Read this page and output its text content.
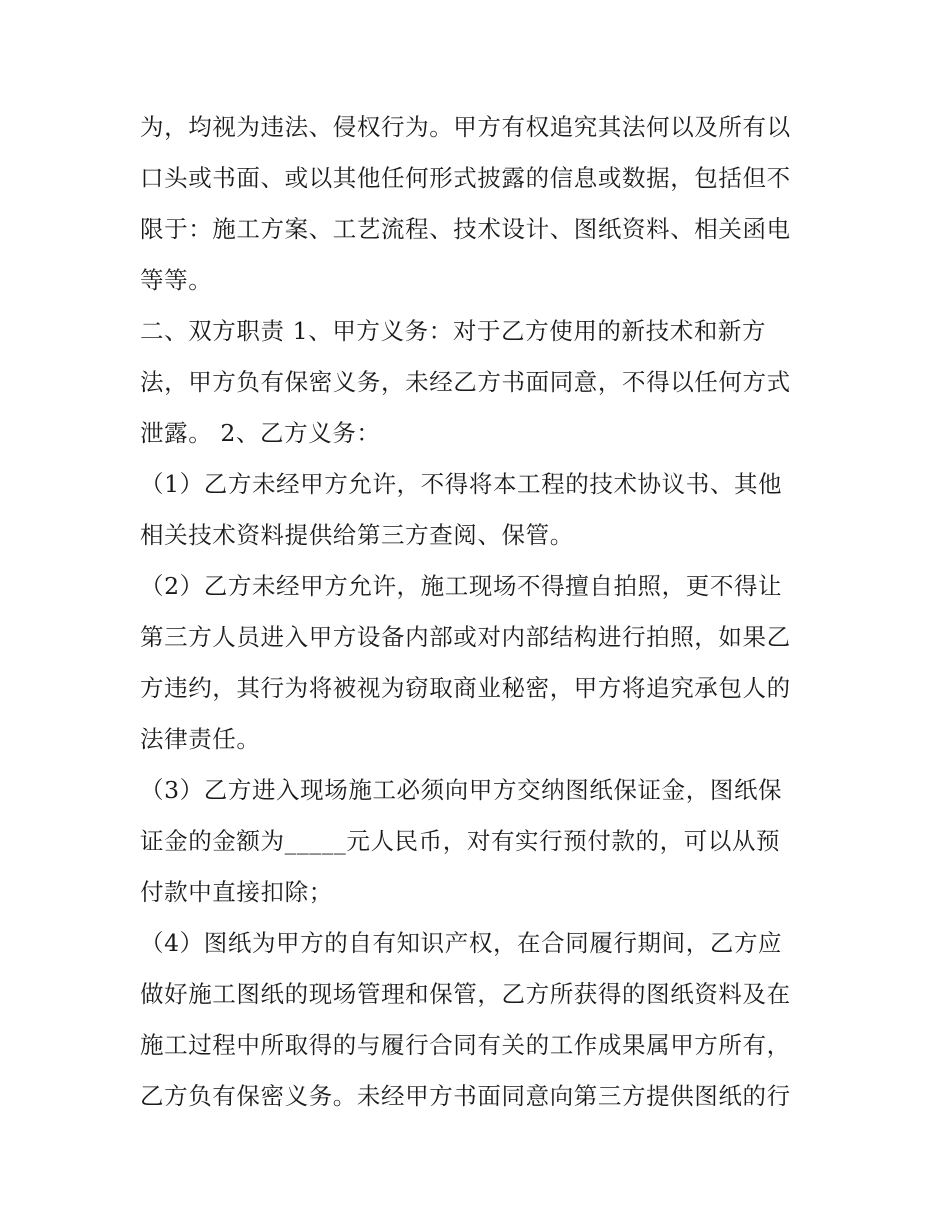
为，均视为违法、侵权行为。甲方有权追究其法何以及所有以
口头或书面、或以其他任何形式披露的信息或数据，包括但不
限于：施工方案、工艺流程、技术设计、图纸资料、相关函电
等等。
二、双方职责 1、甲方义务：对于乙方使用的新技术和新方
法，甲方负有保密义务，未经乙方书面同意，不得以任何方式
泄露。 2、乙方义务：
（1）乙方未经甲方允许，不得将本工程的技术协议书、其他
相关技术资料提供给第三方查阅、保管。
（2）乙方未经甲方允许，施工现场不得擅自拍照，更不得让
第三方人员进入甲方设备内部或对内部结构进行拍照，如果乙
方违约，其行为将被视为窃取商业秘密，甲方将追究承包人的
法律责任。
（3）乙方进入现场施工必须向甲方交纳图纸保证金，图纸保
证金的金额为_____元人民币，对有实行预付款的，可以从预
付款中直接扣除；
（4）图纸为甲方的自有知识产权，在合同履行期间，乙方应
做好施工图纸的现场管理和保管，乙方所获得的图纸资料及在
施工过程中所取得的与履行合同有关的工作成果属甲方所有，
乙方负有保密义务。未经甲方书面同意向第三方提供图纸的行
